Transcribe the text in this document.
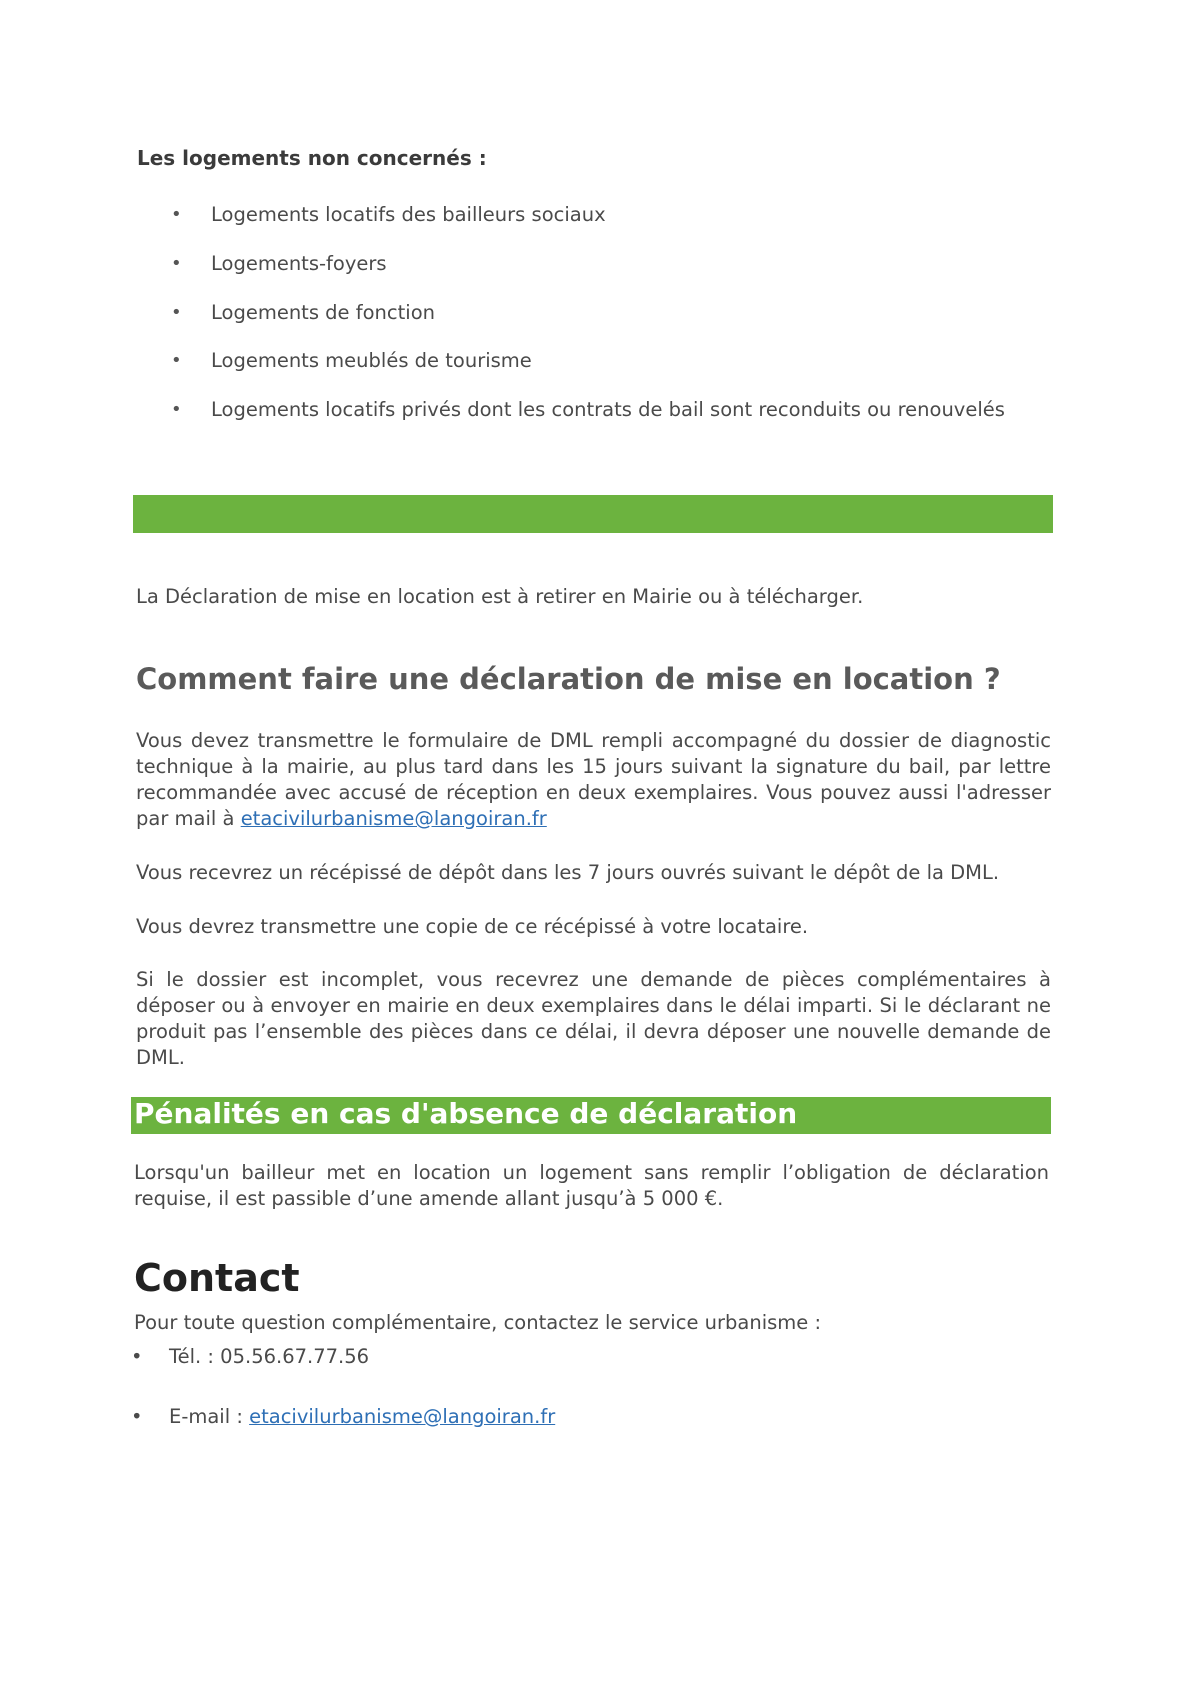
Les logements non concernés :

• Logements locatifs des bailleurs sociaux
• Logements-foyers
• Logements de fonction
• Logements meublés de tourisme
• Logements locatifs privés dont les contrats de bail sont reconduits ou renouvelés

La Déclaration de mise en location est à retirer en Mairie ou à télécharger.

Comment faire une déclaration de mise en location ?

Vous devez transmettre le formulaire de DML rempli accompagné du dossier de diagnostic technique à la mairie, au plus tard dans les 15 jours suivant la signature du bail, par lettre recommandée avec accusé de réception en deux exemplaires. Vous pouvez aussi l'adresser par mail à etacivilurbanisme@langoiran.fr

Vous recevrez un récépissé de dépôt dans les 7 jours ouvrés suivant le dépôt de la DML.

Vous devrez transmettre une copie de ce récépissé à votre locataire.

Si le dossier est incomplet, vous recevrez une demande de pièces complémentaires à déposer ou à envoyer en mairie en deux exemplaires dans le délai imparti. Si le déclarant ne produit pas l’ensemble des pièces dans ce délai, il devra déposer une nouvelle demande de DML.

Pénalités en cas d'absence de déclaration

Lorsqu'un bailleur met en location un logement sans remplir l’obligation de déclaration requise, il est passible d’une amende allant jusqu’à 5 000 €.

Contact

Pour toute question complémentaire, contactez le service urbanisme :

• Tél. : 05.56.67.77.56
• E-mail : etacivilurbanisme@langoiran.fr
